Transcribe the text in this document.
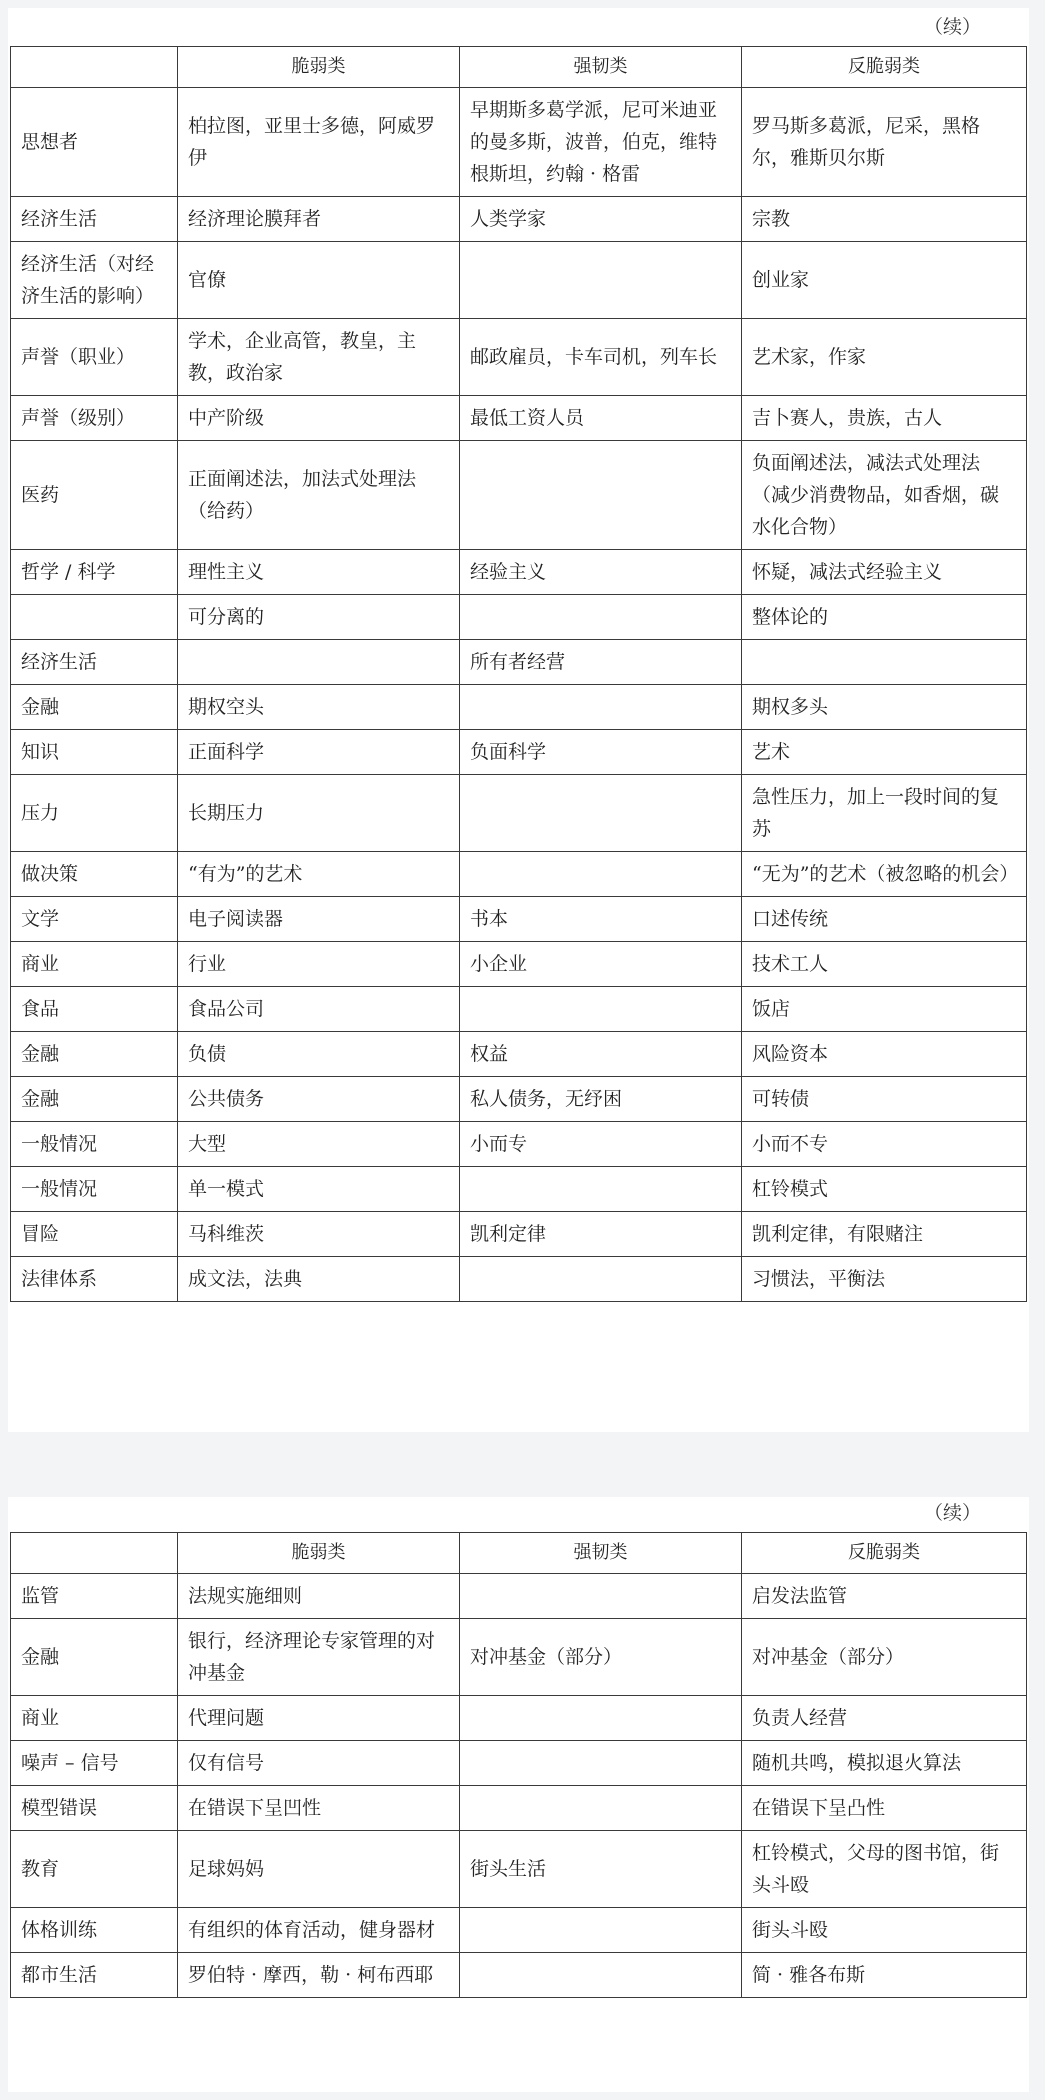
（续）
	脆弱类	强韧类	反脆弱类
思想者	柏拉图，亚里士多德，阿威罗伊	早期斯多葛学派，尼可米迪亚的曼多斯，波普，伯克，维特根斯坦，约翰 · 格雷	罗马斯多葛派，尼采，黑格尔，雅斯贝尔斯
经济生活	经济理论膜拜者	人类学家	宗教
经济生活（对经济生活的影响）	官僚		创业家
声誉（职业）	学术，企业高管，教皇，主教，政治家	邮政雇员，卡车司机，列车长	艺术家，作家
声誉（级别）	中产阶级	最低工资人员	吉卜赛人，贵族，古人
医药	正面阐述法，加法式处理法（给药）		负面阐述法，减法式处理法（减少消费物品，如香烟，碳水化合物）
哲学 / 科学	理性主义	经验主义	怀疑，减法式经验主义
	可分离的		整体论的
经济生活		所有者经营	
金融	期权空头		期权多头
知识	正面科学	负面科学	艺术
压力	长期压力		急性压力，加上一段时间的复苏
做决策	“有为”的艺术		“无为”的艺术（被忽略的机会）
文学	电子阅读器	书本	口述传统
商业	行业	小企业	技术工人
食品	食品公司		饭店
金融	负债	权益	风险资本
金融	公共债务	私人债务，无纾困	可转债
一般情况	大型	小而专	小而不专
一般情况	单一模式		杠铃模式
冒险	马科维茨	凯利定律	凯利定律，有限赌注
法律体系	成文法，法典		习惯法，平衡法
（续）
	脆弱类	强韧类	反脆弱类
监管	法规实施细则		启发法监管
金融	银行，经济理论专家管理的对冲基金	对冲基金（部分）	对冲基金（部分）
商业	代理问题		负责人经营
噪声 – 信号	仅有信号		随机共鸣，模拟退火算法
模型错误	在错误下呈凹性		在错误下呈凸性
教育	足球妈妈	街头生活	杠铃模式，父母的图书馆，街头斗殴
体格训练	有组织的体育活动，健身器材		街头斗殴
都市生活	罗伯特 · 摩西，勒 · 柯布西耶		简 · 雅各布斯
